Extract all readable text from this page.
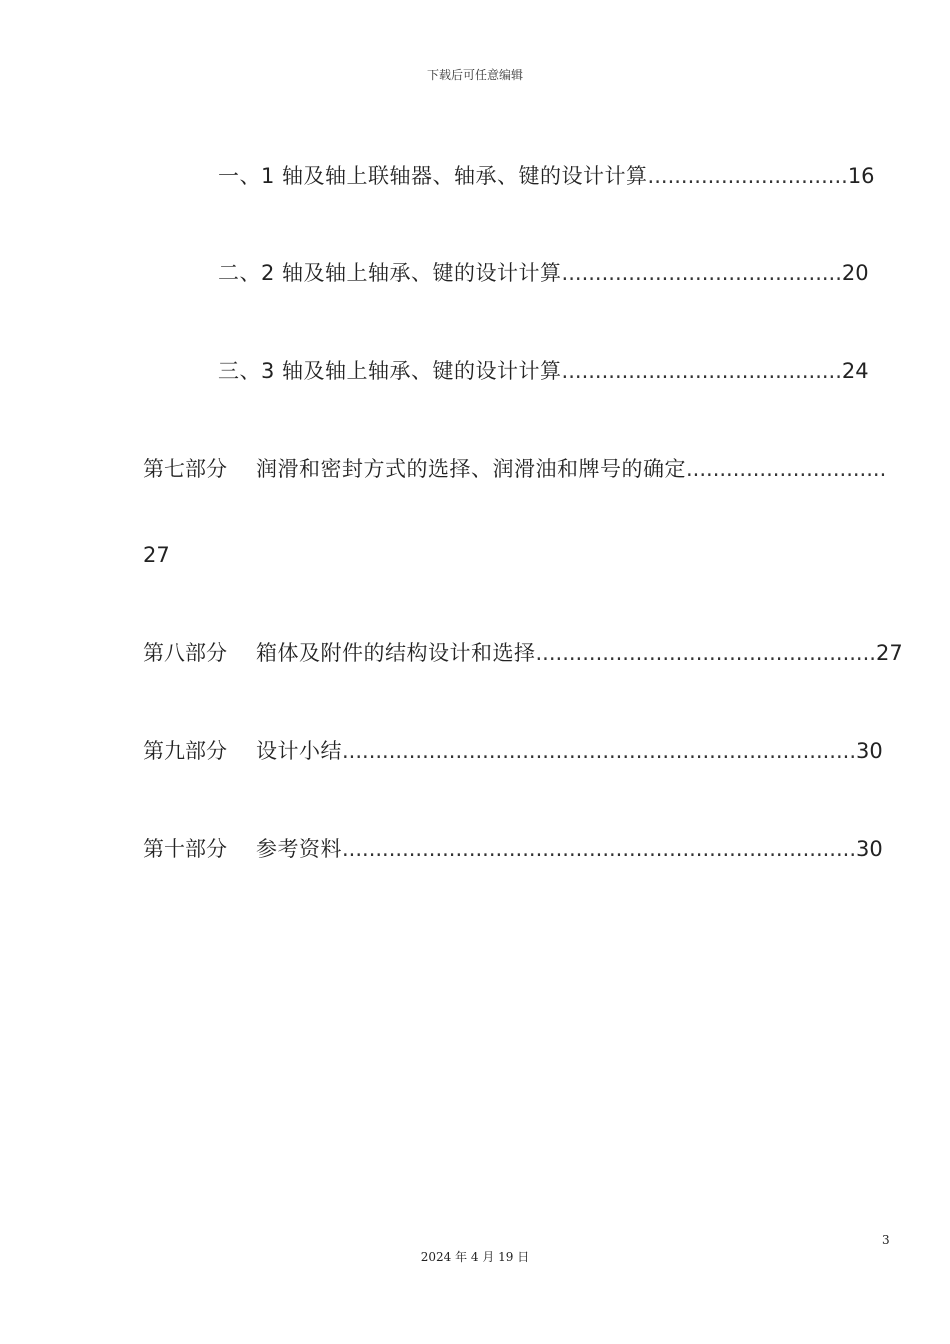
下载后可任意编辑
一、1 轴及轴上联轴器、轴承、键的设计计算..............................16
二、2 轴及轴上轴承、键的设计计算..........................................20
三、3 轴及轴上轴承、键的设计计算..........................................24
第七部分 润滑和密封方式的选择、润滑油和牌号的确定..............................
27
第八部分 箱体及附件的结构设计和选择...................................................27
第九部分 设计小结.............................................................................30
第十部分 参考资料.............................................................................30
3
2024 年 4 月 19 日
